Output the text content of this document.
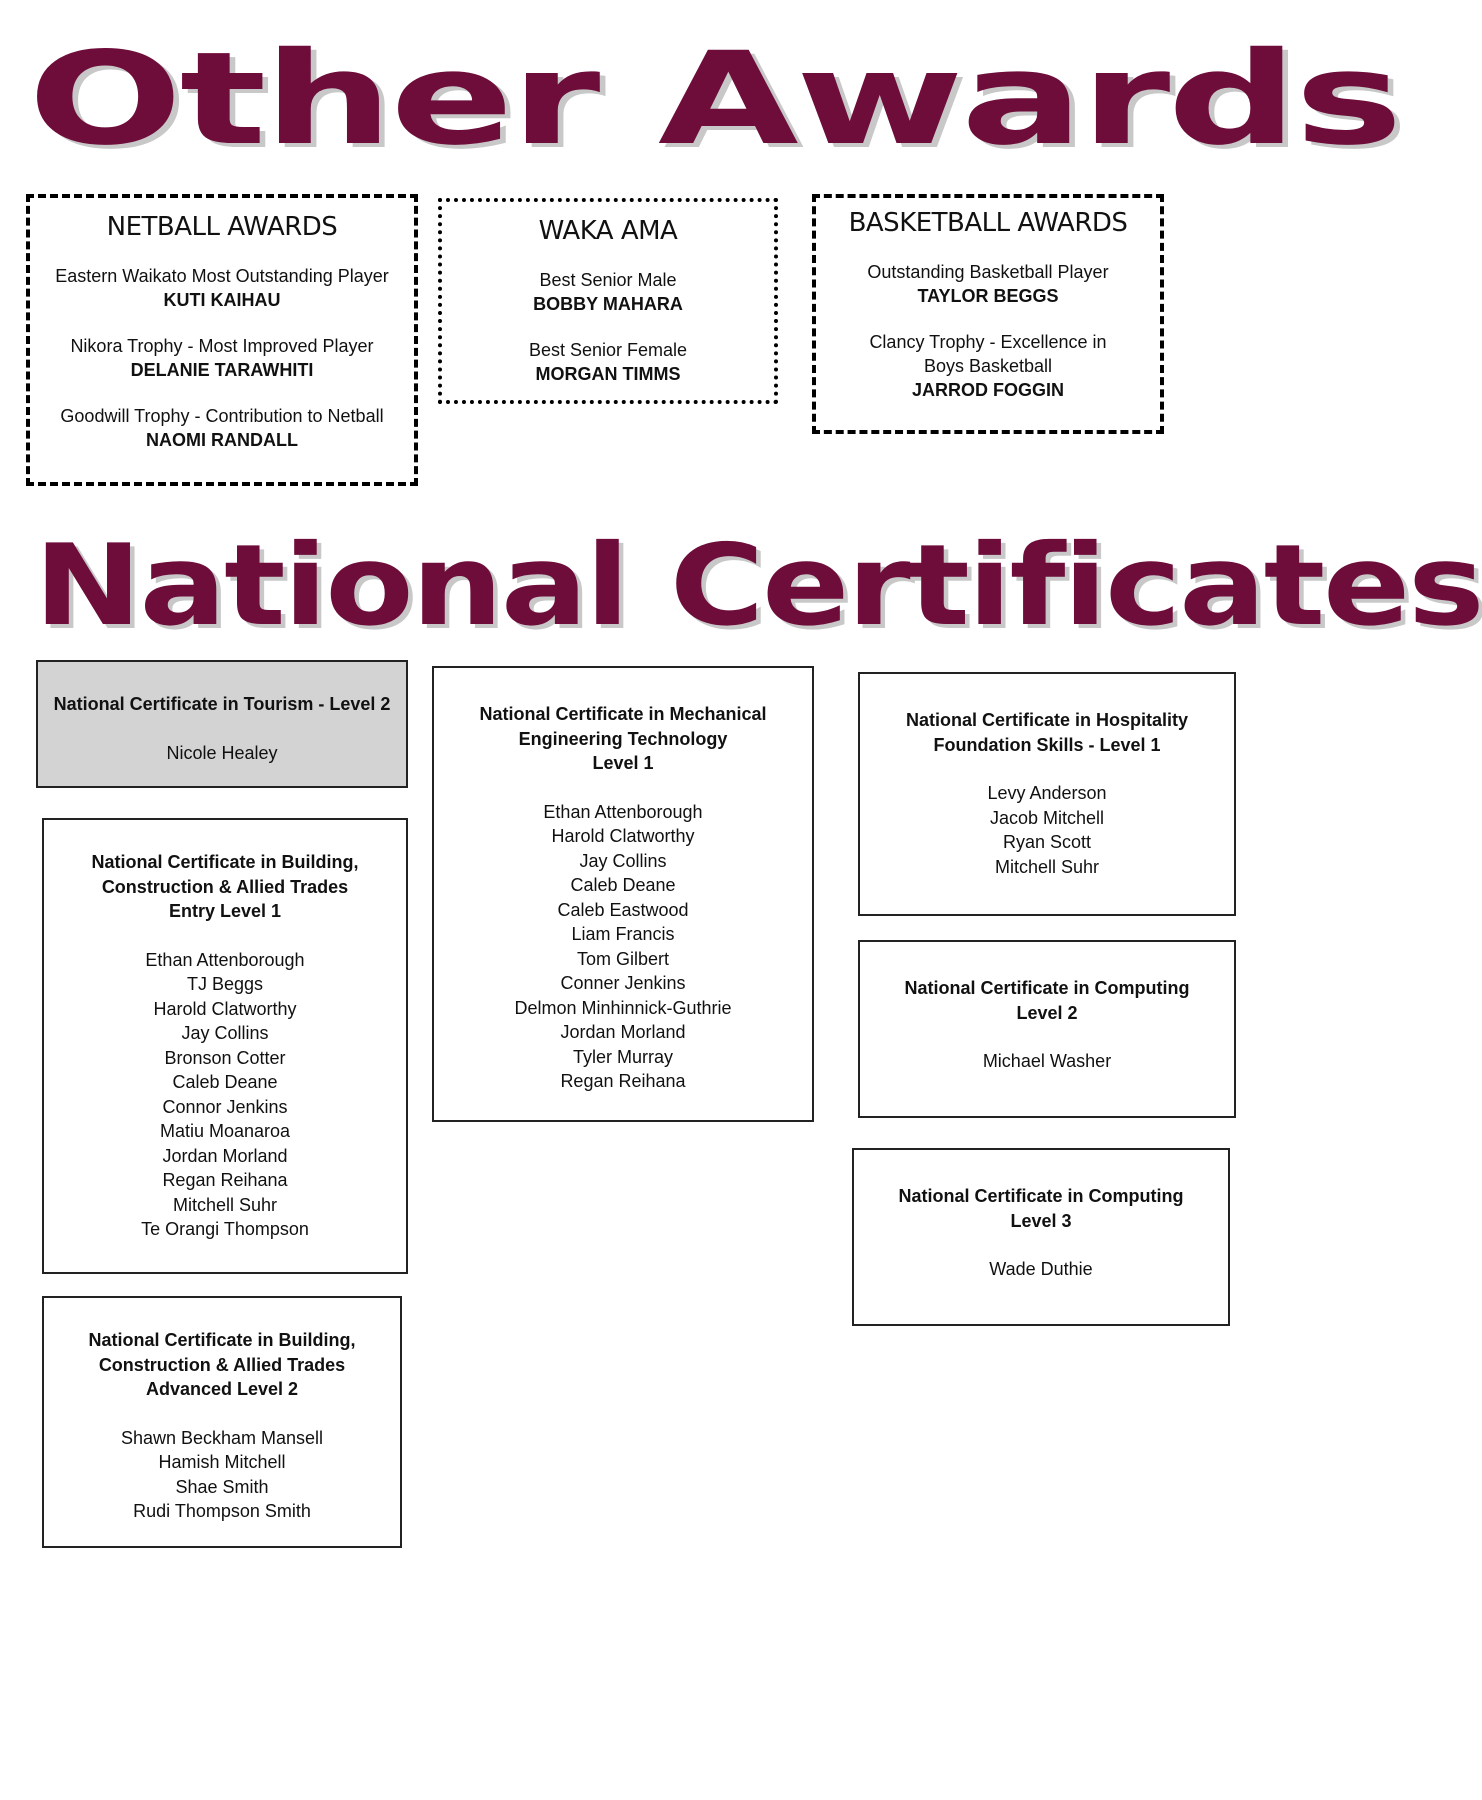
Other Awards
NETBALL AWARDS
Eastern Waikato Most Outstanding Player
KUTI KAIHAU
Nikora Trophy - Most Improved Player
DELANIE TARAWHITI
Goodwill Trophy - Contribution to Netball
NAOMI RANDALL
WAKA AMA
Best Senior Male
BOBBY MAHARA
Best Senior Female
MORGAN TIMMS
BASKETBALL AWARDS
Outstanding Basketball Player
TAYLOR BEGGS
Clancy Trophy - Excellence in Boys Basketball
JARROD FOGGIN
National Certificates
National Certificate in Tourism - Level 2
Nicole Healey
National Certificate in Mechanical
Engineering Technology
Level 1
Ethan Attenborough
Harold Clatworthy
Jay Collins
Caleb Deane
Caleb Eastwood
Liam Francis
Tom Gilbert
Conner Jenkins
Delmon Minhinnick-Guthrie
Jordan Morland
Tyler Murray
Regan Reihana
National Certificate in Hospitality
Foundation Skills - Level 1
Levy Anderson
Jacob Mitchell
Ryan Scott
Mitchell Suhr
National Certificate in Building,
Construction & Allied Trades
Entry Level 1
Ethan Attenborough
TJ Beggs
Harold Clatworthy
Jay Collins
Bronson Cotter
Caleb Deane
Connor Jenkins
Matiu Moanaroa
Jordan Morland
Regan Reihana
Mitchell Suhr
Te Orangi Thompson
National Certificate in Computing
Level 2
Michael Washer
National Certificate in Computing
Level 3
Wade Duthie
National Certificate in Building,
Construction & Allied Trades
Advanced Level 2
Shawn Beckham Mansell
Hamish Mitchell
Shae Smith
Rudi Thompson Smith
